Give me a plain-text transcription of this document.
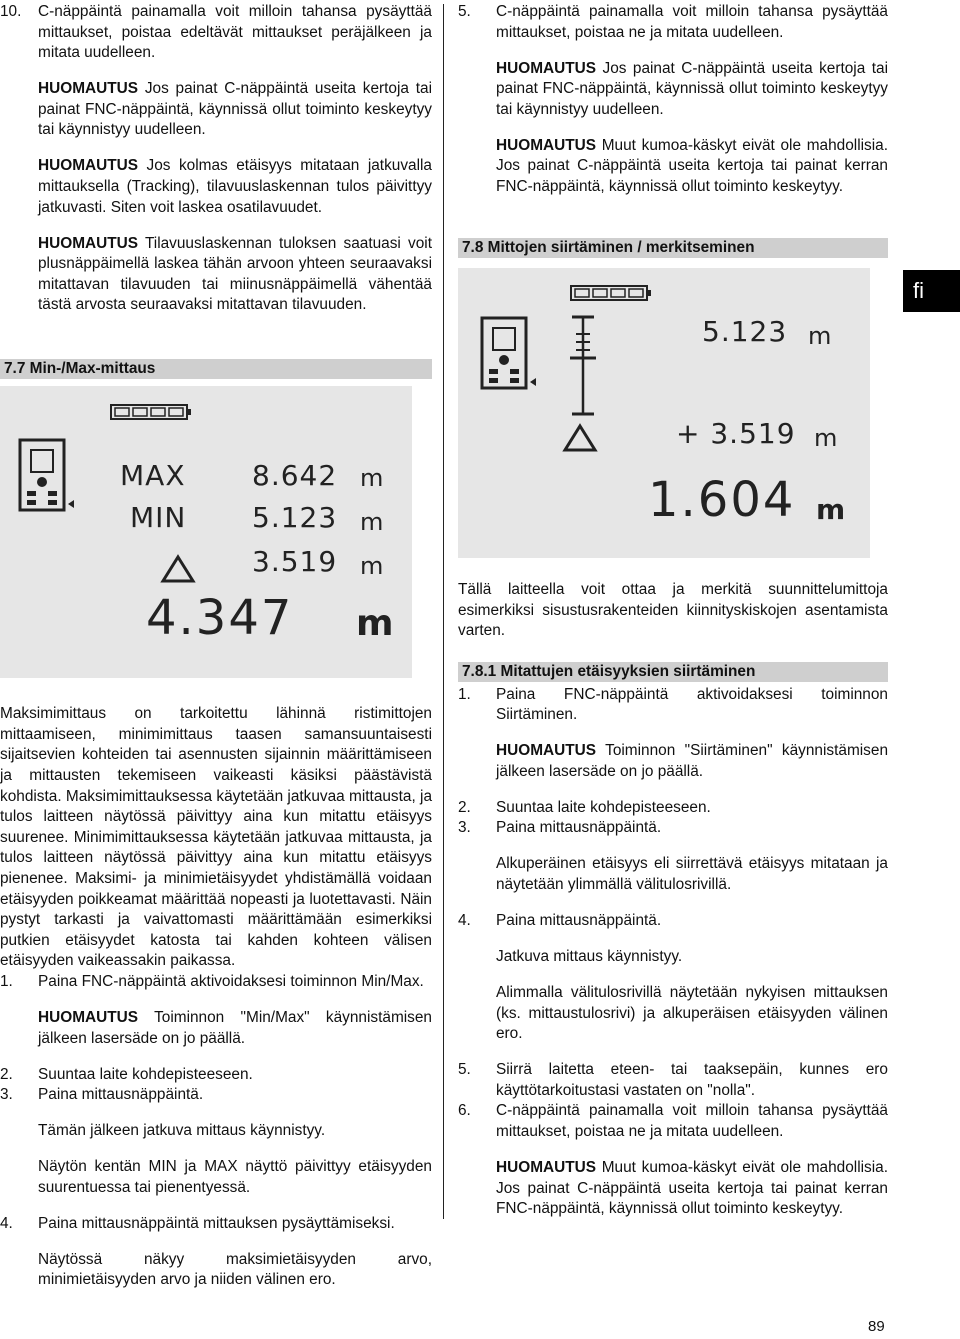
10.	C-näppäintä painamalla voit milloin tahansa pysäyttää mittaukset, poistaa edeltävät mittaukset peräjälkeen ja mitata uudelleen.

HUOMAUTUS Jos painat C-näppäintä useita kertoja tai painat FNC-näppäintä, käynnissä ollut toiminto keskeytyy tai käynnistyy uudelleen.

HUOMAUTUS Jos kolmas etäisyys mitataan jatkuvalla mittauksella (Tracking), tilavuuslaskennan tulos päivittyy jatkuvasti. Siten voit laskea osatilavuudet.

HUOMAUTUS Tilavuuslaskennan tuloksen saatuasi voit plusnäppäimellä laskea tähän arvoon yhteen seuraavaksi mitattavan tilavuuden tai miinusnäppäimellä vähentää tästä arvosta seuraavaksi mitattavan tilavuuden.

7.7 Min-/Max-mittaus

MAX 8.642 m
MIN 5.123 m
3.519 m
4.347 m

Maksimimittaus on tarkoitettu lähinnä ristimittojen mittaamiseen, minimimittaus taasen samansuuntaisesti sijaitsevien kohteiden tai asennusten sijainnin määrittämiseen ja mittausten tekemiseen vaikeasti käsiksi päästävistä kohdista. Maksimimittauksessa käytetään jatkuvaa mittausta, ja tulos laitteen näytössä päivittyy aina kun mitattu etäisyys suurenee. Minimimittauksessa käytetään jatkuvaa mittausta, ja tulos laitteen näytössä päivittyy aina kun mitattu etäisyys pienenee. Maksimi- ja minimietäisyydet yhdistämällä voidaan etäisyyden poikkeamat määrittää nopeasti ja luotettavasti. Näin pystyt tarkasti ja vaivattomasti määrittämään esimerkiksi putkien etäisyydet katosta tai kahden kohteen välisen etäisyyden vaikeassakin paikassa.

1.	Paina FNC-näppäintä aktivoidaksesi toiminnon Min/Max.

HUOMAUTUS Toiminnon "Min/Max" käynnistämisen jälkeen lasersäde on jo päällä.

2.	Suuntaa laite kohdepisteeseen.
3.	Paina mittausnäppäintä.

Tämän jälkeen jatkuva mittaus käynnistyy.

Näytön kentän MIN ja MAX näyttö päivittyy etäisyyden suurentuessa tai pienentyessä.

4.	Paina mittausnäppäintä mittauksen pysäyttämiseksi.

Näytössä näkyy maksimietäisyyden arvo, minimietäisyyden arvo ja niiden välinen ero.

5.	C-näppäintä painamalla voit milloin tahansa pysäyttää mittaukset, poistaa ne ja mitata uudelleen.

HUOMAUTUS Jos painat C-näppäintä useita kertoja tai painat FNC-näppäintä, käynnissä ollut toiminto keskeytyy tai käynnistyy uudelleen.

HUOMAUTUS Muut kumoa-käskyt eivät ole mahdollisia. Jos painat C-näppäintä useita kertoja tai painat kerran FNC-näppäintä, käynnissä ollut toiminto keskeytyy.

7.8 Mittojen siirtäminen / merkitseminen

5.123 m
+ 3.519 m
1.604 m

Tällä laitteella voit ottaa ja merkitä suunnittelumittoja esimerkiksi sisustusrakenteiden kiinnityskiskojen asentamista varten.

7.8.1 Mitattujen etäisyyksien siirtäminen

1.	Paina FNC-näppäintä aktivoidaksesi toiminnon Siirtäminen.

HUOMAUTUS Toiminnon "Siirtäminen" käynnistämisen jälkeen lasersäde on jo päällä.

2.	Suuntaa laite kohdepisteeseen.
3.	Paina mittausnäppäintä.

Alkuperäinen etäisyys eli siirrettävä etäisyys mitataan ja näytetään ylimmällä välitulosrivillä.

4.	Paina mittausnäppäintä.

Jatkuva mittaus käynnistyy.

Alimmalla välitulosrivillä näytetään nykyisen mittauksen (ks. mittaustulosrivi) ja alkuperäisen etäisyyden välinen ero.

5.	Siirrä laitetta eteen- tai taaksepäin, kunnes ero käyttötarkoitustasi vastaten on "nolla".
6.	C-näppäintä painamalla voit milloin tahansa pysäyttää mittaukset, poistaa ne ja mitata uudelleen.

HUOMAUTUS Muut kumoa-käskyt eivät ole mahdollisia. Jos painat C-näppäintä useita kertoja tai painat kerran FNC-näppäintä, käynnissä ollut toiminto keskeytyy.

fi
89
